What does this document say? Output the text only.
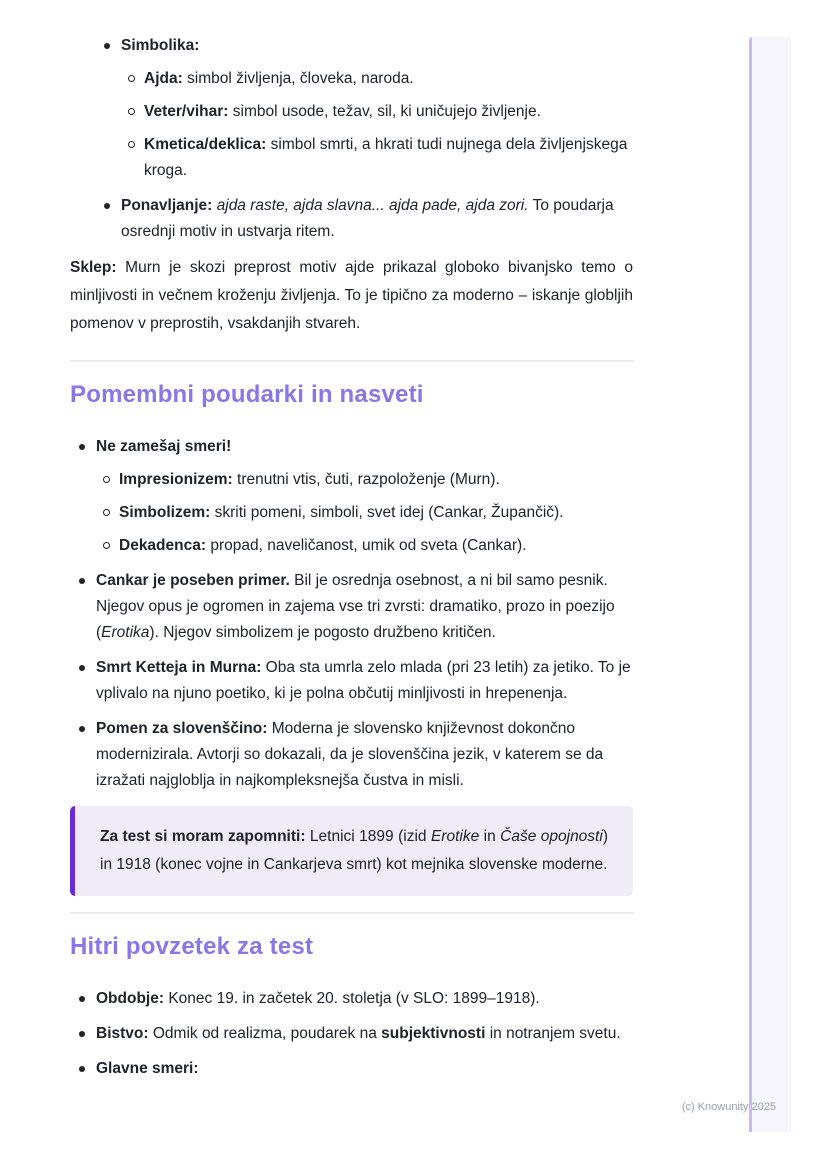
Simbolika:
Ajda: simbol življenja, človeka, naroda.
Veter/vihar: simbol usode, težav, sil, ki uničujejo življenje.
Kmetica/deklica: simbol smrti, a hkrati tudi nujnega dela življenjskega kroga.
Ponavljanje: ajda raste, ajda slavna... ajda pade, ajda zori. To poudarja osrednji motiv in ustvarja ritem.

Sklep: Murn je skozi preprost motiv ajde prikazal globoko bivanjsko temo o minljivosti in večnem kroženju življenja. To je tipično za moderno – iskanje globljih pomenov v preprostih, vsakdanjih stvareh.

Pomembni poudarki in nasveti
Ne zamešaj smeri!
Impresionizem: trenutni vtis, čuti, razpoloženje (Murn).
Simbolizem: skriti pomeni, simboli, svet idej (Cankar, Župančič).
Dekadenca: propad, naveličanost, umik od sveta (Cankar).
Cankar je poseben primer. Bil je osrednja osebnost, a ni bil samo pesnik. Njegov opus je ogromen in zajema vse tri zvrsti: dramatiko, prozo in poezijo (Erotika). Njegov simbolizem je pogosto družbeno kritičen.
Smrt Ketteja in Murna: Oba sta umrla zelo mlada (pri 23 letih) za jetiko. To je vplivalo na njuno poetiko, ki je polna občutij minljivosti in hrepenenja.
Pomen za slovenščino: Moderna je slovensko književnost dokončno modernizirala. Avtorji so dokazali, da je slovenščina jezik, v katerem se da izražati najgloblja in najkompleksnejša čustva in misli.

Za test si moram zapomniti: Letnici 1899 (izid Erotike in Čaše opojnosti) in 1918 (konec vojne in Cankarjeva smrt) kot mejnika slovenske moderne.

Hitri povzetek za test
Obdobje: Konec 19. in začetek 20. stoletja (v SLO: 1899–1918).
Bistvo: Odmik od realizma, poudarek na subjektivnosti in notranjem svetu.
Glavne smeri:
(c) Knowunity 2025
